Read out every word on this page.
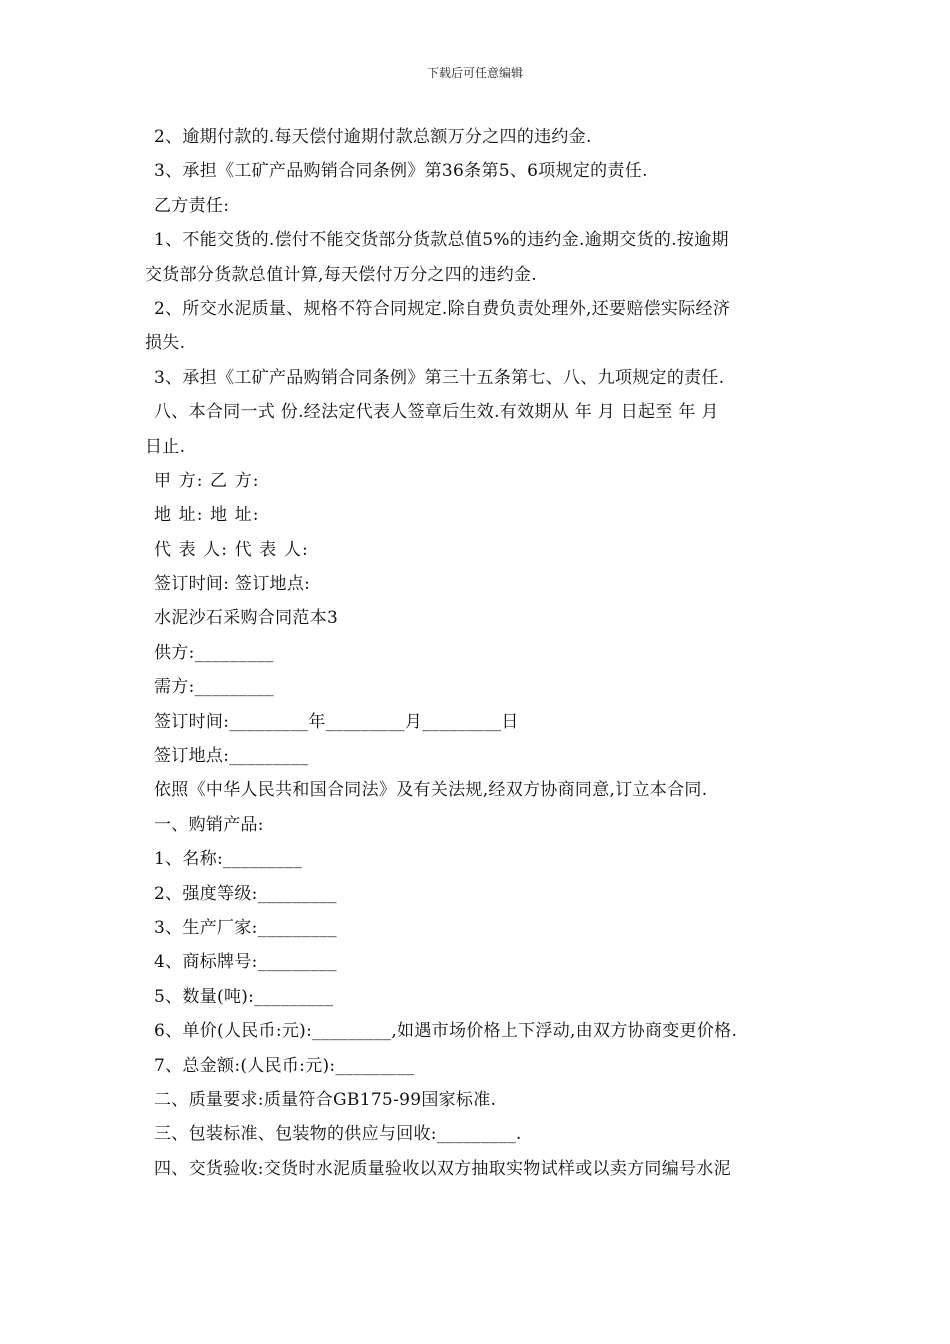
下载后可任意编辑
2、逾期付款的.每天偿付逾期付款总额万分之四的违约金.
3、承担《工矿产品购销合同条例》第36条第5、6项规定的责任.
乙方责任:
1、不能交货的.偿付不能交货部分货款总值5%的违约金.逾期交货的.按逾期
交货部分货款总值计算,每天偿付万分之四的违约金.
2、所交水泥质量、规格不符合同规定.除自费负责处理外,还要赔偿实际经济
损失.
3、承担《工矿产品购销合同条例》第三十五条第七、八、九项规定的责任.
八、本合同一式 份.经法定代表人签章后生效.有效期从 年 月 日起至 年 月
日止.
甲 方: 乙 方:
地 址: 地 址:
代 表 人: 代 表 人:
签订时间: 签订地点:
水泥沙石采购合同范本3
供方:_________
需方:_________
签订时间:_________年_________月_________日
签订地点:_________
依照《中华人民共和国合同法》及有关法规,经双方协商同意,订立本合同.
一、购销产品:
1、名称:_________
2、强度等级:_________
3、生产厂家:_________
4、商标牌号:_________
5、数量(吨):_________
6、单价(人民币:元):_________,如遇市场价格上下浮动,由双方协商变更价格.
7、总金额:(人民币:元):_________
二、质量要求:质量符合GB175-99国家标准.
三、包装标准、包装物的供应与回收:_________.
四、交货验收:交货时水泥质量验收以双方抽取实物试样或以卖方同编号水泥
